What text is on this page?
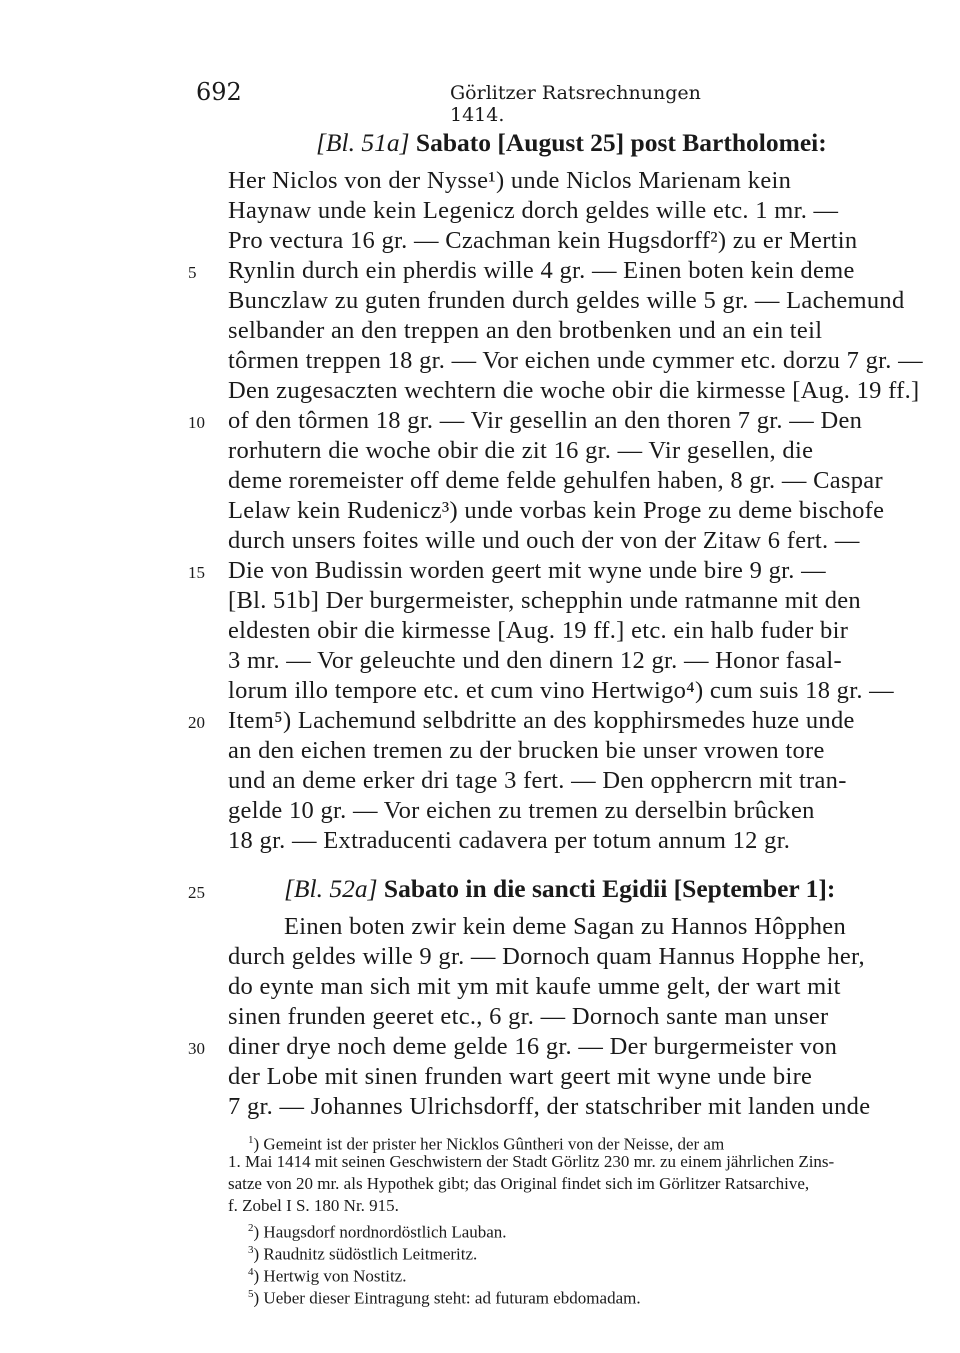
692	Görlitzer Ratsrechnungen 1414.
[Bl. 51a] Sabato [August 25] post Bartholomei:
Her Niclos von der Nysse¹) unde Niclos Marienam kein
Haynaw unde kein Legenicz dorch geldes wille etc. 1 mr. —
Pro vectura 16 gr. — Czachman kein Hugsdorff²) zu er Mertin
Rynlin durch ein pherdis wille 4 gr. — Einen boten kein deme
Bunczlaw zu guten frunden durch geldes wille 5 gr. — Lachemund
selbander an den treppen an den brotbenken und an ein teil
tôrmen treppen 18 gr. — Vor eichen unde cymmer etc. dorzu 7 gr. —
Den zugesaczten wechtern die woche obir die kirmesse [Aug. 19 ff.]
of den tôrmen 18 gr. — Vir gesellin an den thoren 7 gr. — Den
rorhutern die woche obir die zit 16 gr. — Vir gesellen, die
deme roremeister off deme felde gehulfen haben, 8 gr. — Caspar
Lelaw kein Rudenicz³) unde vorbas kein Proge zu deme bischofe
durch unsers foites wille und ouch der von der Zitaw 6 fert. —
Die von Budissin worden geert mit wyne unde bire 9 gr. —
[Bl. 51b] Der burgermeister, schepphin unde ratmanne mit den
eldesten obir die kirmesse [Aug. 19 ff.] etc. ein halb fuder bir
3 mr. — Vor geleuchte und den dinern 12 gr. — Honor fasal-
lorum illo tempore etc. et cum vino Hertwigo⁴) cum suis 18 gr. —
Item⁵) Lachemund selbdritte an des kopphirsmedes huze unde
an den eichen tremen zu der brucken bie unser vrowen tore
und an deme erker dri tage 3 fert. — Den opphercrn mit tran-
gelde 10 gr. — Vor eichen zu tremen zu derselbin brûcken
18 gr. — Extraducenti cadavera per totum annum 12 gr.
5
10
15
20
25	[Bl. 52a] Sabato in die sancti Egidii [September 1]:
Einen boten zwir kein deme Sagan zu Hannos Hôpphen
durch geldes wille 9 gr. — Dornoch quam Hannus Hopphe her,
do eynte man sich mit ym mit kaufe umme gelt, der wart mit
sinen frunden geeret etc., 6 gr. — Dornoch sante man unser
diner drye noch deme gelde 16 gr. — Der burgermeister von
der Lobe mit sinen frunden wart geert mit wyne unde bire
7 gr. — Johannes Ulrichsdorff, der statschriber mit landen unde
30
$^1$) Gemeint ist der prister her Nicklos Gûntheri von der Neisse, der am
1. Mai 1414 mit seinen Geschwistern der Stadt Görlitz 230 mr. zu einem jährlichen Zins-
satze von 20 mr. als Hypothek gibt; das Original findet sich im Görlitzer Ratsarchive,
f. Zobel I S. 180 Nr. 915.
$^2$) Haugsdorf nordnordöstlich Lauban.
$^3$) Raudnitz südöstlich Leitmeritz.
$^4$) Hertwig von Nostitz.
$^5$) Ueber dieser Eintragung steht: ad futuram ebdomadam.
